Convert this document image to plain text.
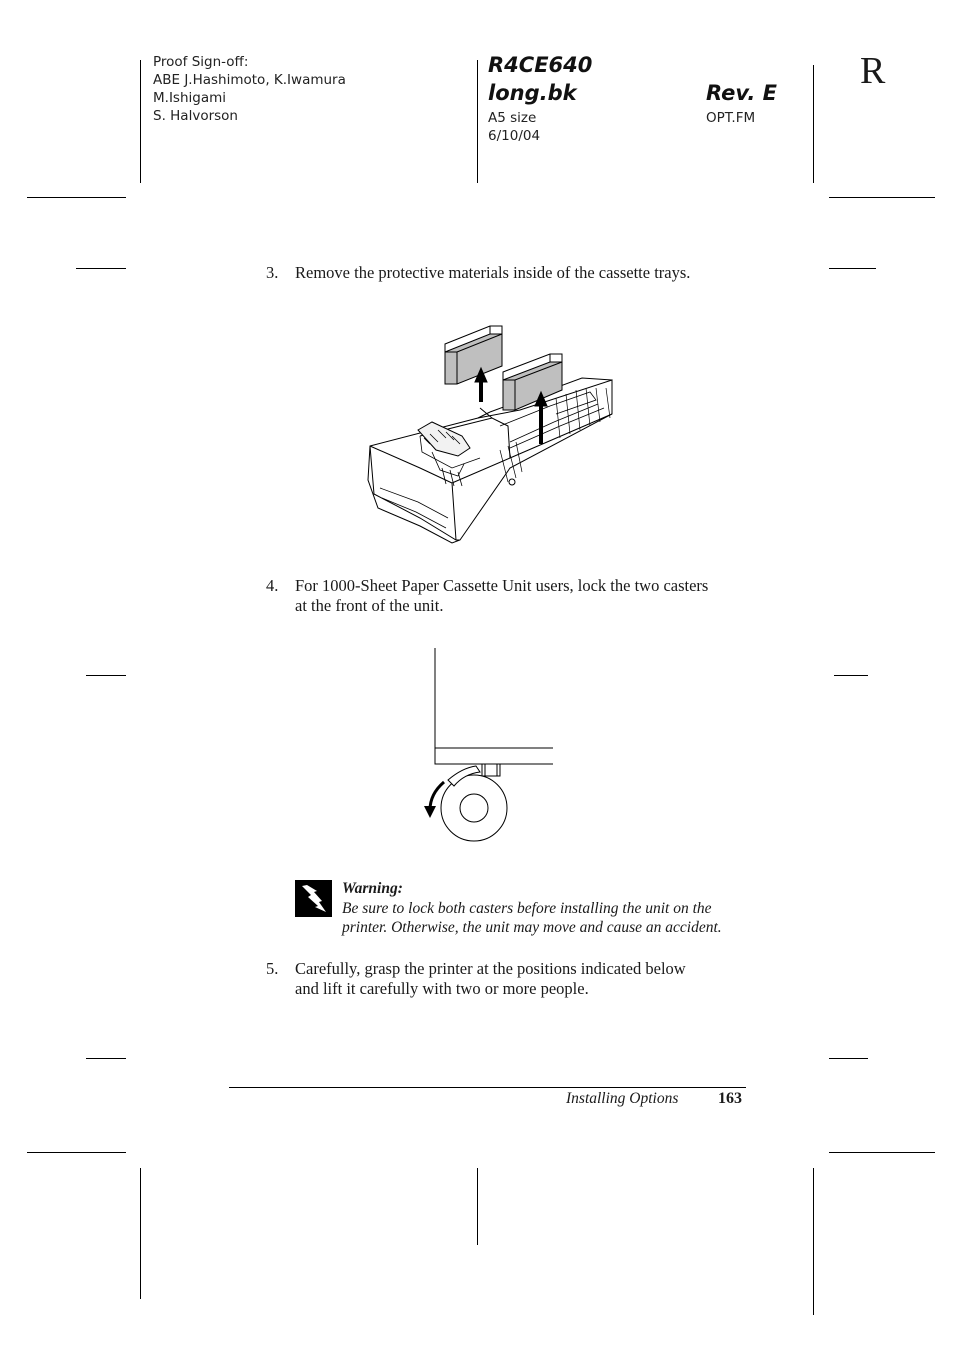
Proof Sign-off:
ABE J.Hashimoto, K.Iwamura
M.Ishigami
S. Halvorson
R4CE640
long.bk	Rev. E
A5 size
6/10/04
OPT.FM
R
3. Remove the protective materials inside of the cassette trays.
4. For 1000-Sheet Paper Cassette Unit users, lock the two casters
at the front of the unit.
Warning:
Be sure to lock both casters before installing the unit on the
printer. Otherwise, the unit may move and cause an accident.
5. Carefully, grasp the printer at the positions indicated below
and lift it carefully with two or more people.
Installing Options 163
